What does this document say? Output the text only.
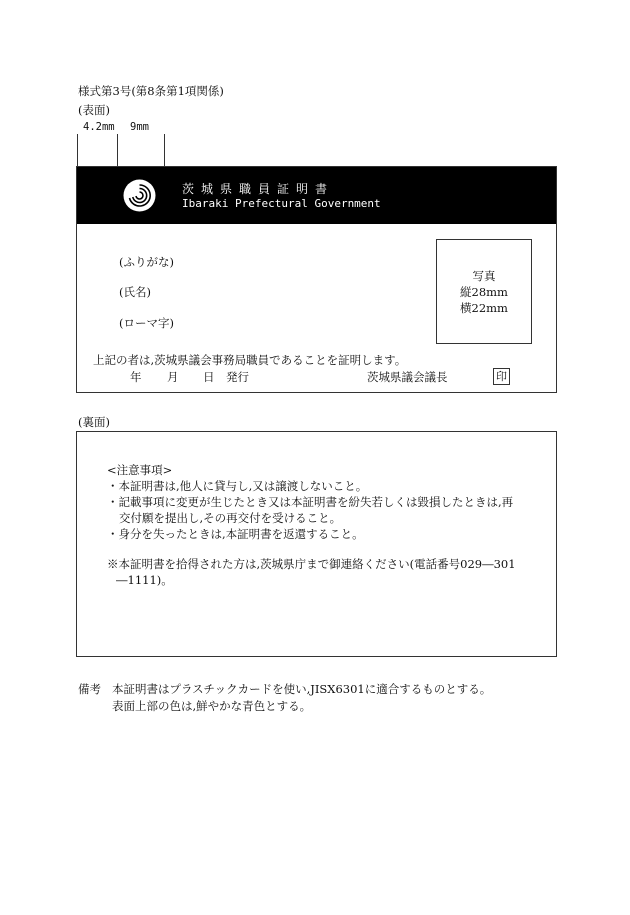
様式第3号(第8条第1項関係)
(表面)
4.2mm 9mm
茨城県職員証明書
Ibaraki Prefectural Government
(ふりがな)
(氏名)
(ローマ字)
写真
縦28mm
横22mm
上記の者は,茨城県議会事務局職員であることを証明します。
年 月 日 発行	茨城県議会議長	印
(裏面)
<注意事項>
・本証明書は,他人に貸与し,又は譲渡しないこと。
・記載事項に変更が生じたとき又は本証明書を紛失若しくは毀損したときは,再
交付願を提出し,その再交付を受けること。
・身分を失ったときは,本証明書を返還すること。
※本証明書を拾得された方は,茨城県庁まで御連絡ください(電話番号029―301
―1111)。
備考 本証明書はプラスチックカードを使い,JISX6301に適合するものとする。
表面上部の色は,鮮やかな青色とする。
